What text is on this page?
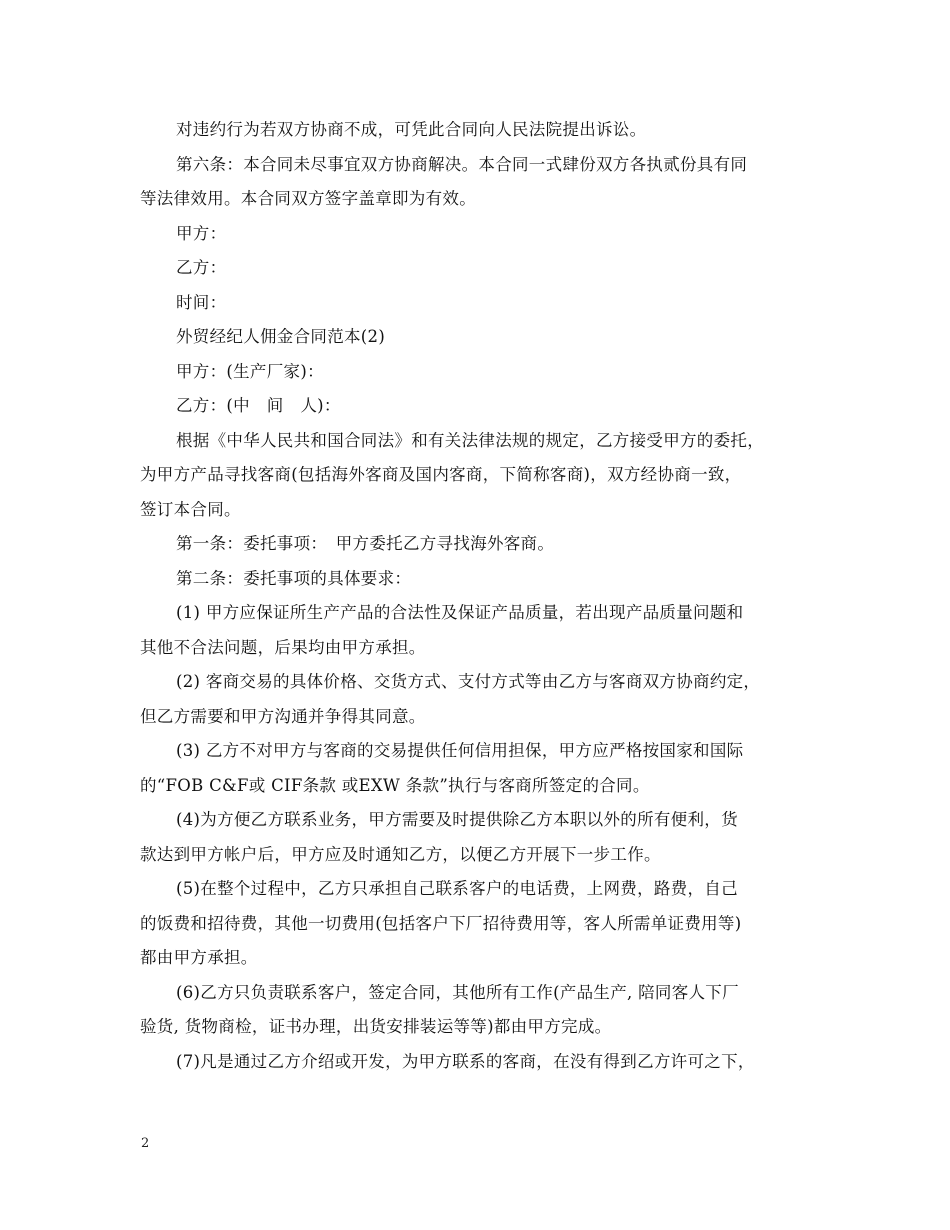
对违约行为若双方协商不成，可凭此合同向人民法院提出诉讼。
第六条：本合同未尽事宜双方协商解决。本合同一式肆份双方各执贰份具有同
等法律效用。本合同双方签字盖章即为有效。
甲方：
乙方：
时间：
外贸经纪人佣金合同范本(2)
甲方：(生产厂家)：
乙方：(中　间　人)：
根据《中华人民共和国合同法》和有关法律法规的规定，乙方接受甲方的委托，
为甲方产品寻找客商(包括海外客商及国内客商，下简称客商)，双方经协商一致，
签订本合同。
第一条：委托事项：　甲方委托乙方寻找海外客商。
第二条：委托事项的具体要求：
(1) 甲方应保证所生产产品的合法性及保证产品质量，若出现产品质量问题和
其他不合法问题，后果均由甲方承担。
(2) 客商交易的具体价格、交货方式、支付方式等由乙方与客商双方协商约定，
但乙方需要和甲方沟通并争得其同意。
(3) 乙方不对甲方与客商的交易提供任何信用担保，甲方应严格按国家和国际
的“FOB C&F或 CIF条款 或EXW 条款”执行与客商所签定的合同。
(4)为方便乙方联系业务，甲方需要及时提供除乙方本职以外的所有便利，货
款达到甲方帐户后，甲方应及时通知乙方，以便乙方开展下一步工作。
(5)在整个过程中，乙方只承担自己联系客户的电话费，上网费，路费，自己
的饭费和招待费，其他一切费用(包括客户下厂招待费用等，客人所需单证费用等)
都由甲方承担。
(6)乙方只负责联系客户，签定合同，其他所有工作(产品生产, 陪同客人下厂
验货, 货物商检，证书办理，出货安排装运等等)都由甲方完成。
(7)凡是通过乙方介绍或开发，为甲方联系的客商，在没有得到乙方许可之下，
2
